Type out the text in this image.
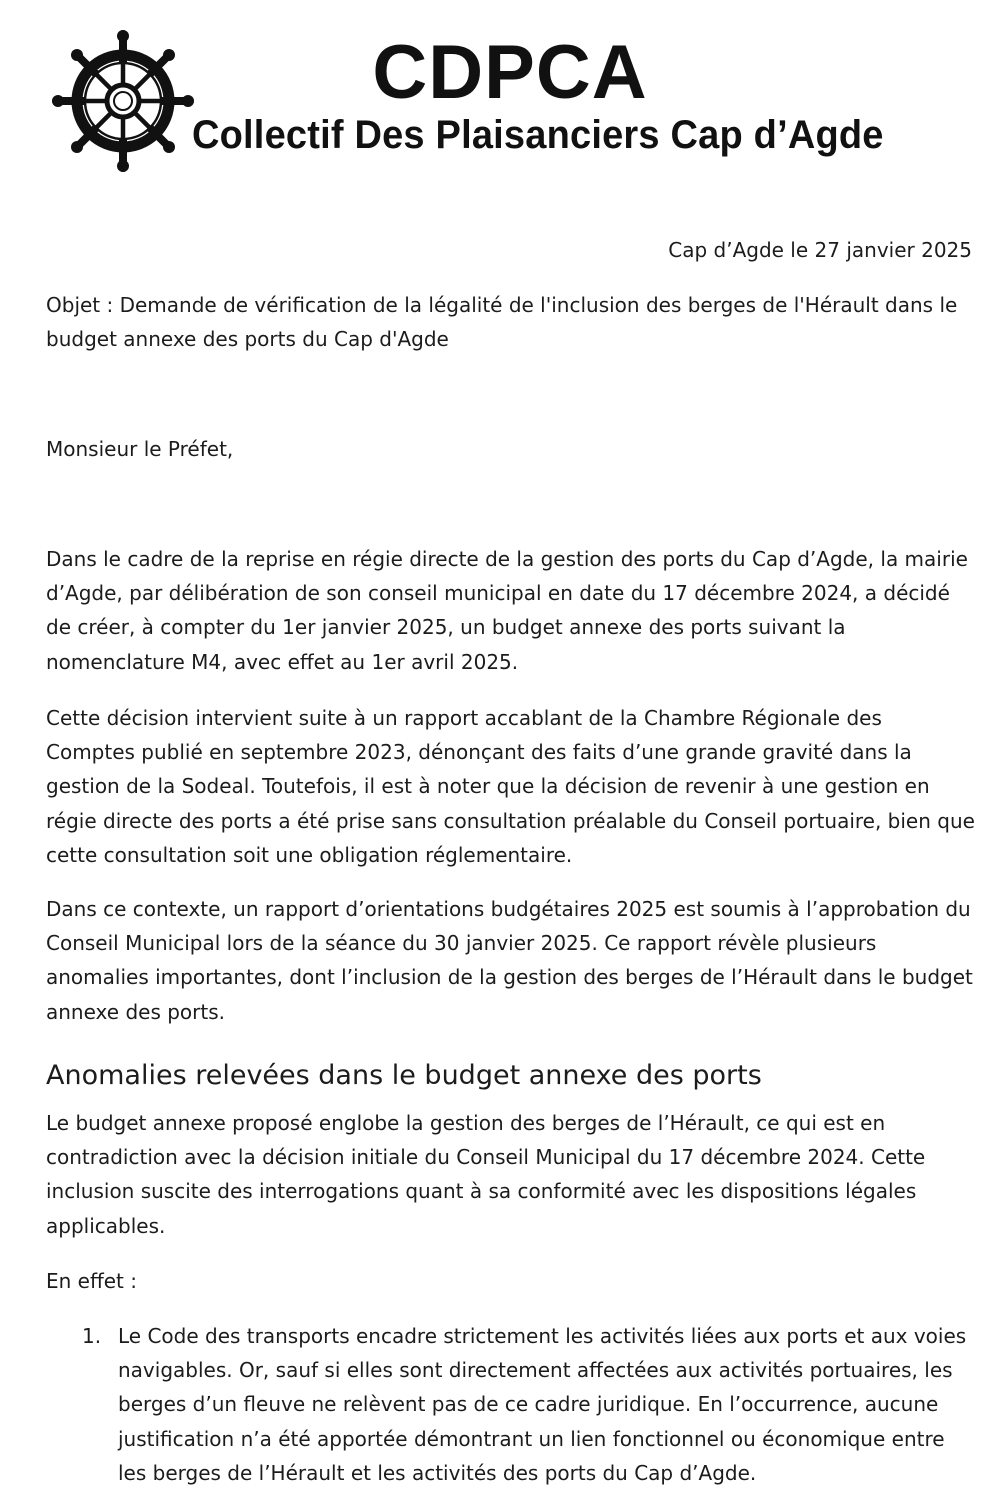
CDPCA
Collectif Des Plaisanciers Cap d’Agde
Cap d’Agde le 27 janvier 2025
Objet : Demande de vérification de la légalité de l'inclusion des berges de l'Hérault dans le budget annexe des ports du Cap d'Agde
Monsieur le Préfet,
Dans le cadre de la reprise en régie directe de la gestion des ports du Cap d’Agde, la mairie d’Agde, par délibération de son conseil municipal en date du 17 décembre 2024, a décidé de créer, à compter du 1er janvier 2025, un budget annexe des ports suivant la nomenclature M4, avec effet au 1er avril 2025.
Cette décision intervient suite à un rapport accablant de la Chambre Régionale des Comptes publié en septembre 2023, dénonçant des faits d’une grande gravité dans la gestion de la Sodeal. Toutefois, il est à noter que la décision de revenir à une gestion en régie directe des ports a été prise sans consultation préalable du Conseil portuaire, bien que cette consultation soit une obligation réglementaire.
Dans ce contexte, un rapport d’orientations budgétaires 2025 est soumis à l’approbation du Conseil Municipal lors de la séance du 30 janvier 2025. Ce rapport révèle plusieurs anomalies importantes, dont l’inclusion de la gestion des berges de l’Hérault dans le budget annexe des ports.
Anomalies relevées dans le budget annexe des ports
Le budget annexe proposé englobe la gestion des berges de l’Hérault, ce qui est en contradiction avec la décision initiale du Conseil Municipal du 17 décembre 2024. Cette inclusion suscite des interrogations quant à sa conformité avec les dispositions légales applicables.
En effet :
1. Le Code des transports encadre strictement les activités liées aux ports et aux voies navigables. Or, sauf si elles sont directement affectées aux activités portuaires, les berges d’un fleuve ne relèvent pas de ce cadre juridique. En l’occurrence, aucune justification n’a été apportée démontrant un lien fonctionnel ou économique entre les berges de l’Hérault et les activités des ports du Cap d’Agde.
